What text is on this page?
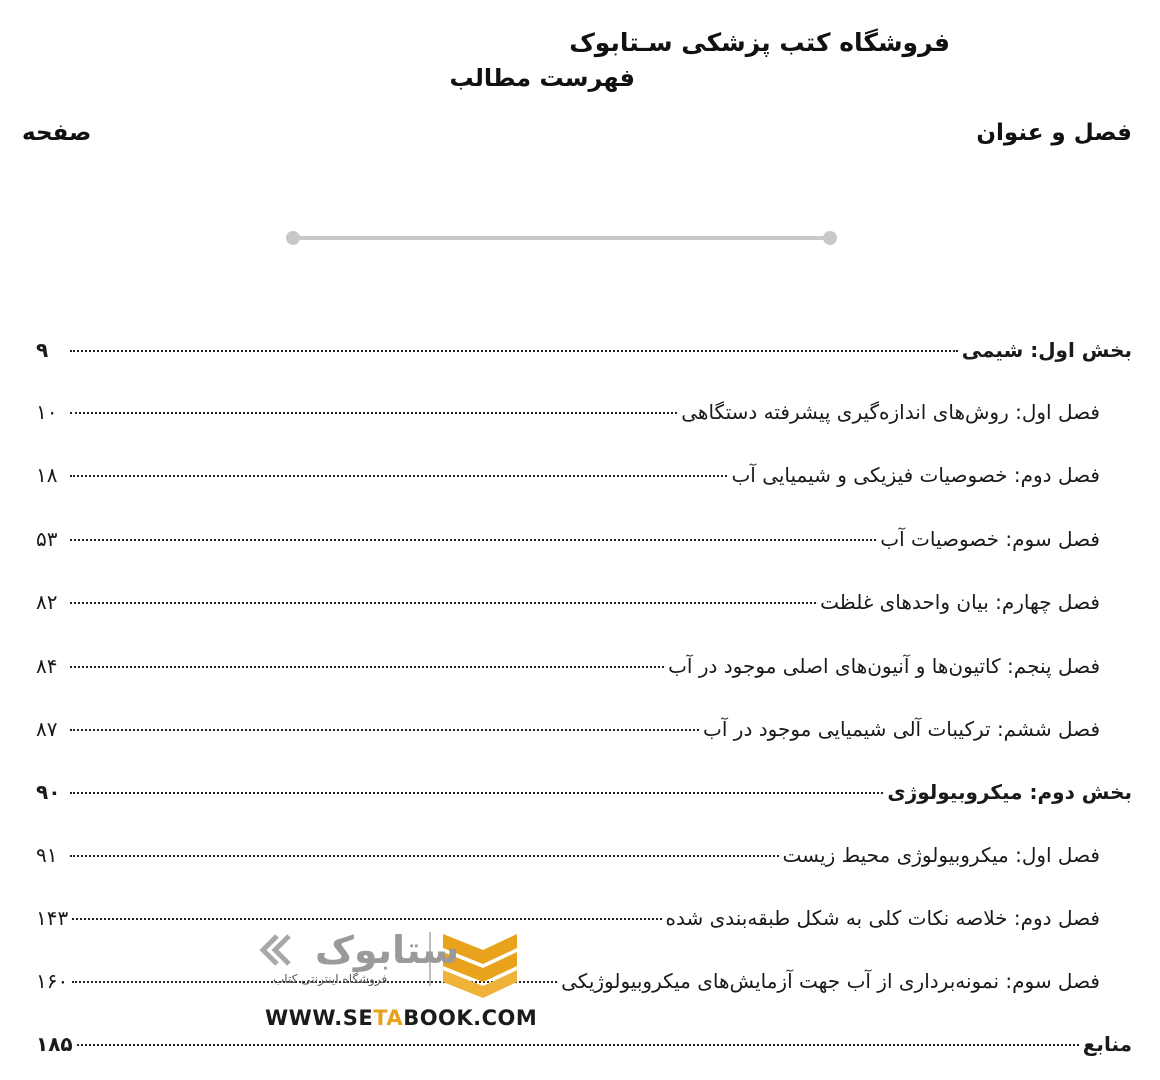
فروشگاه کتب پزشکی سـتابوک
فهرست مطالب
فصل و عنوان
صفحه
بخش اول: شیمی
۹
فصل اول: روش‌های اندازه‌گیری پیشرفته دستگاهی
۱۰
فصل دوم: خصوصیات فیزیکی و شیمیایی آب
۱۸
فصل سوم: خصوصیات آب
۵۳
فصل چهارم: بیان واحدهای غلظت
۸۲
فصل پنجم: کاتیون‌ها و آنیون‌های اصلی موجود در آب
۸۴
فصل ششم: ترکیبات آلی شیمیایی موجود در آب
۸۷
بخش دوم: میکروبیولوژی
۹۰
فصل اول: میکروبیولوژی محیط زیست
۹۱
فصل دوم: خلاصه نکات کلی به شکل طبقه‌بندی شده
۱۴۳
فصل سوم: نمونه‌برداری از آب جهت آزمایش‌های میکروبیولوژیکی
۱۶۰
منابع
۱۸۵
ستابوک
فروشگاه اینترنتی کتاب
WWW.SETABOOK.COM
